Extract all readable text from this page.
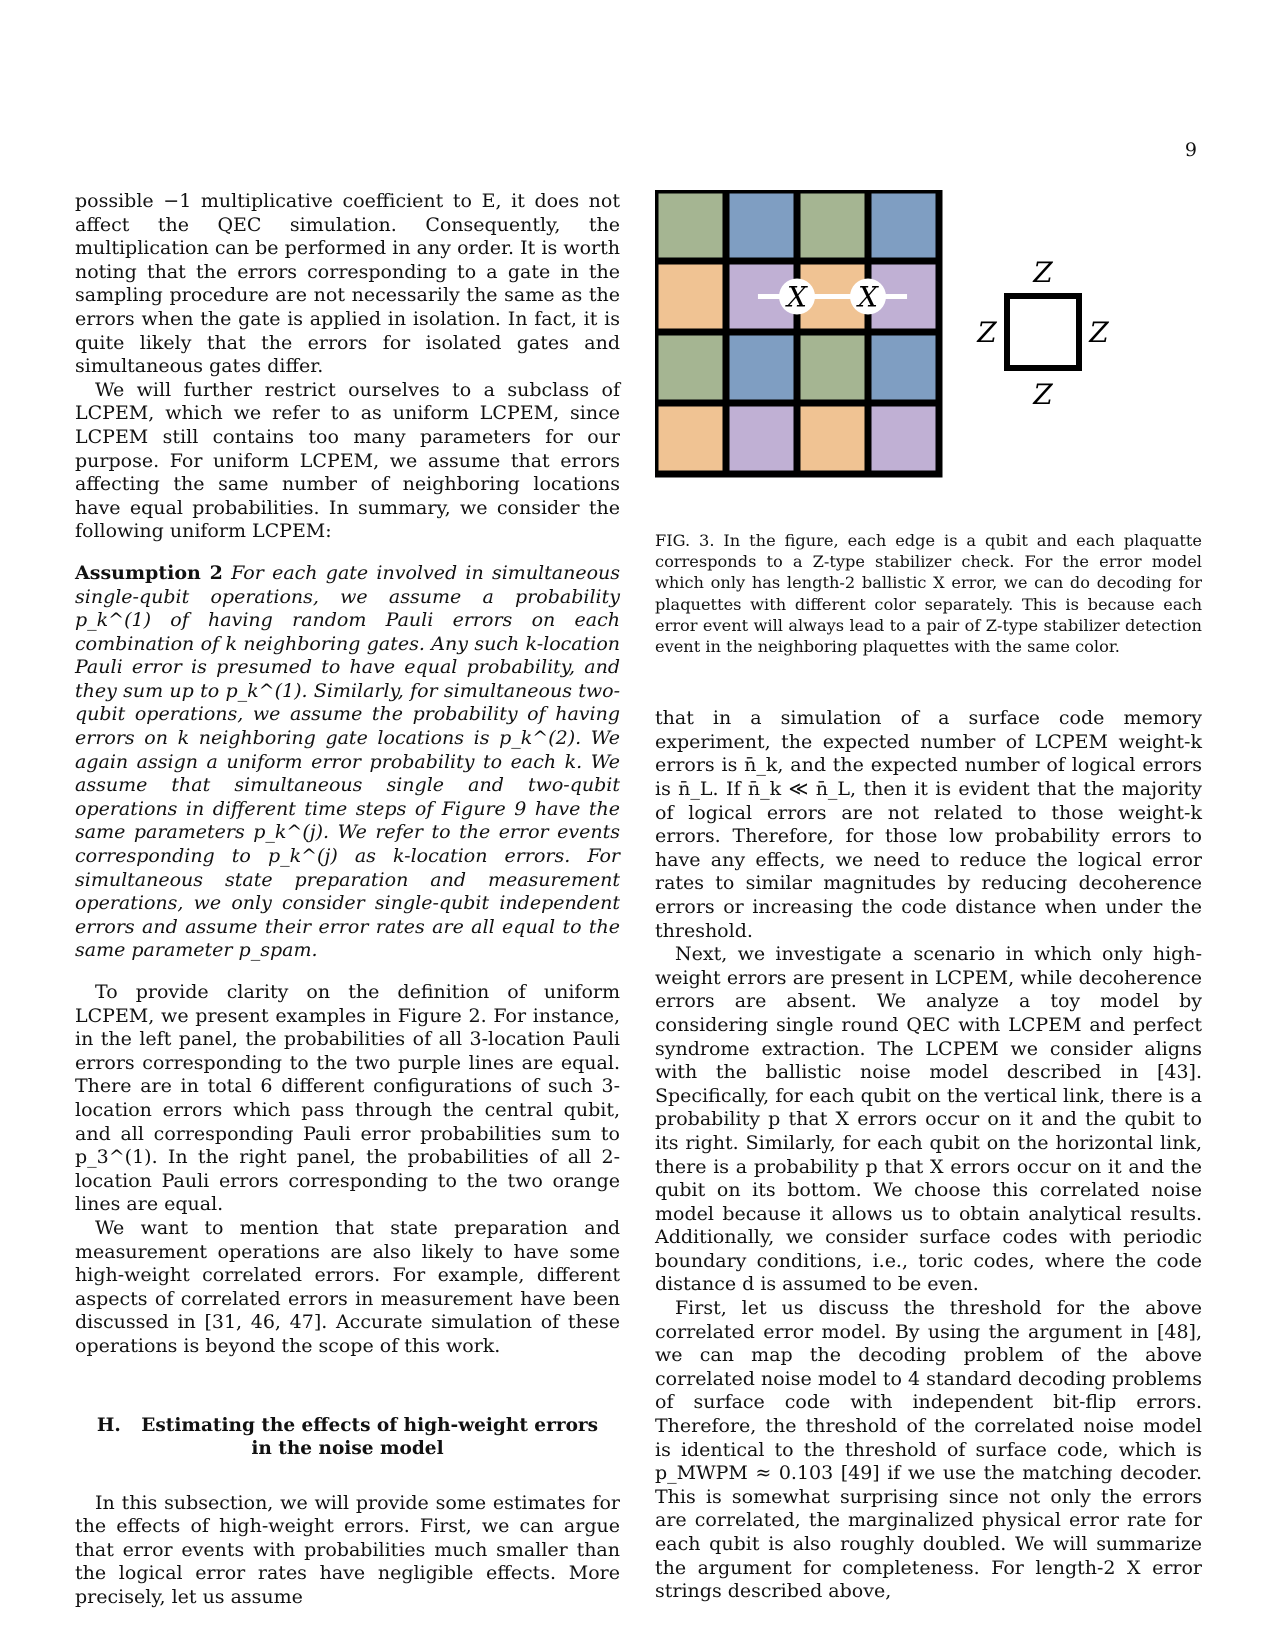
9

possible −1 multiplicative coefficient to E, it does not affect the QEC simulation. Consequently, the multiplication can be performed in any order. It is worth noting that the errors corresponding to a gate in the sampling procedure are not necessarily the same as the errors when the gate is applied in isolation. In fact, it is quite likely that the errors for isolated gates and simultaneous gates differ.

We will further restrict ourselves to a subclass of LCPEM, which we refer to as uniform LCPEM, since LCPEM still contains too many parameters for our purpose. For uniform LCPEM, we assume that errors affecting the same number of neighboring locations have equal probabilities. In summary, we consider the following uniform LCPEM:

Assumption 2 For each gate involved in simultaneous single-qubit operations, we assume a probability p_k^(1) of having random Pauli errors on each combination of k neighboring gates. Any such k-location Pauli error is presumed to have equal probability, and they sum up to p_k^(1). Similarly, for simultaneous two-qubit operations, we assume the probability of having errors on k neighboring gate locations is p_k^(2). We again assign a uniform error probability to each k. We assume that simultaneous single and two-qubit operations in different time steps of Figure 9 have the same parameters p_k^(j). We refer to the error events corresponding to p_k^(j) as k-location errors. For simultaneous state preparation and measurement operations, we only consider single-qubit independent errors and assume their error rates are all equal to the same parameter p_spam.

To provide clarity on the definition of uniform LCPEM, we present examples in Figure 2. For instance, in the left panel, the probabilities of all 3-location Pauli errors corresponding to the two purple lines are equal. There are in total 6 different configurations of such 3-location errors which pass through the central qubit, and all corresponding Pauli error probabilities sum to p_3^(1). In the right panel, the probabilities of all 2-location Pauli errors corresponding to the two orange lines are equal.

We want to mention that state preparation and measurement operations are also likely to have some high-weight correlated errors. For example, different aspects of correlated errors in measurement have been discussed in [31, 46, 47]. Accurate simulation of these operations is beyond the scope of this work.

H. Estimating the effects of high-weight errors in the noise model

In this subsection, we will provide some estimates for the effects of high-weight errors. First, we can argue that error events with probabilities much smaller than the logical error rates have negligible effects. More precisely, let us assume

X X
Z
Z
Z	Z
FIG. 3. In the figure, each edge is a qubit and each plaquatte corresponds to a Z-type stabilizer check. For the error model which only has length-2 ballistic X error, we can do decoding for plaquettes with different color separately. This is because each error event will always lead to a pair of Z-type stabilizer detection event in the neighboring plaquettes with the same color.

that in a simulation of a surface code memory experiment, the expected number of LCPEM weight-k errors is n̄_k, and the expected number of logical errors is n̄_L. If n̄_k ≪ n̄_L, then it is evident that the majority of logical errors are not related to those weight-k errors. Therefore, for those low probability errors to have any effects, we need to reduce the logical error rates to similar magnitudes by reducing decoherence errors or increasing the code distance when under the threshold.

Next, we investigate a scenario in which only high-weight errors are present in LCPEM, while decoherence errors are absent. We analyze a toy model by considering single round QEC with LCPEM and perfect syndrome extraction. The LCPEM we consider aligns with the ballistic noise model described in [43]. Specifically, for each qubit on the vertical link, there is a probability p that X errors occur on it and the qubit to its right. Similarly, for each qubit on the horizontal link, there is a probability p that X errors occur on it and the qubit on its bottom. We choose this correlated noise model because it allows us to obtain analytical results. Additionally, we consider surface codes with periodic boundary conditions, i.e., toric codes, where the code distance d is assumed to be even.

First, let us discuss the threshold for the above correlated error model. By using the argument in [48], we can map the decoding problem of the above correlated noise model to 4 standard decoding problems of surface code with independent bit-flip errors. Therefore, the threshold of the correlated noise model is identical to the threshold of surface code, which is p_MWPM ≈ 0.103 [49] if we use the matching decoder. This is somewhat surprising since not only the errors are correlated, the marginalized physical error rate for each qubit is also roughly doubled. We will summarize the argument for completeness. For length-2 X error strings described above,
